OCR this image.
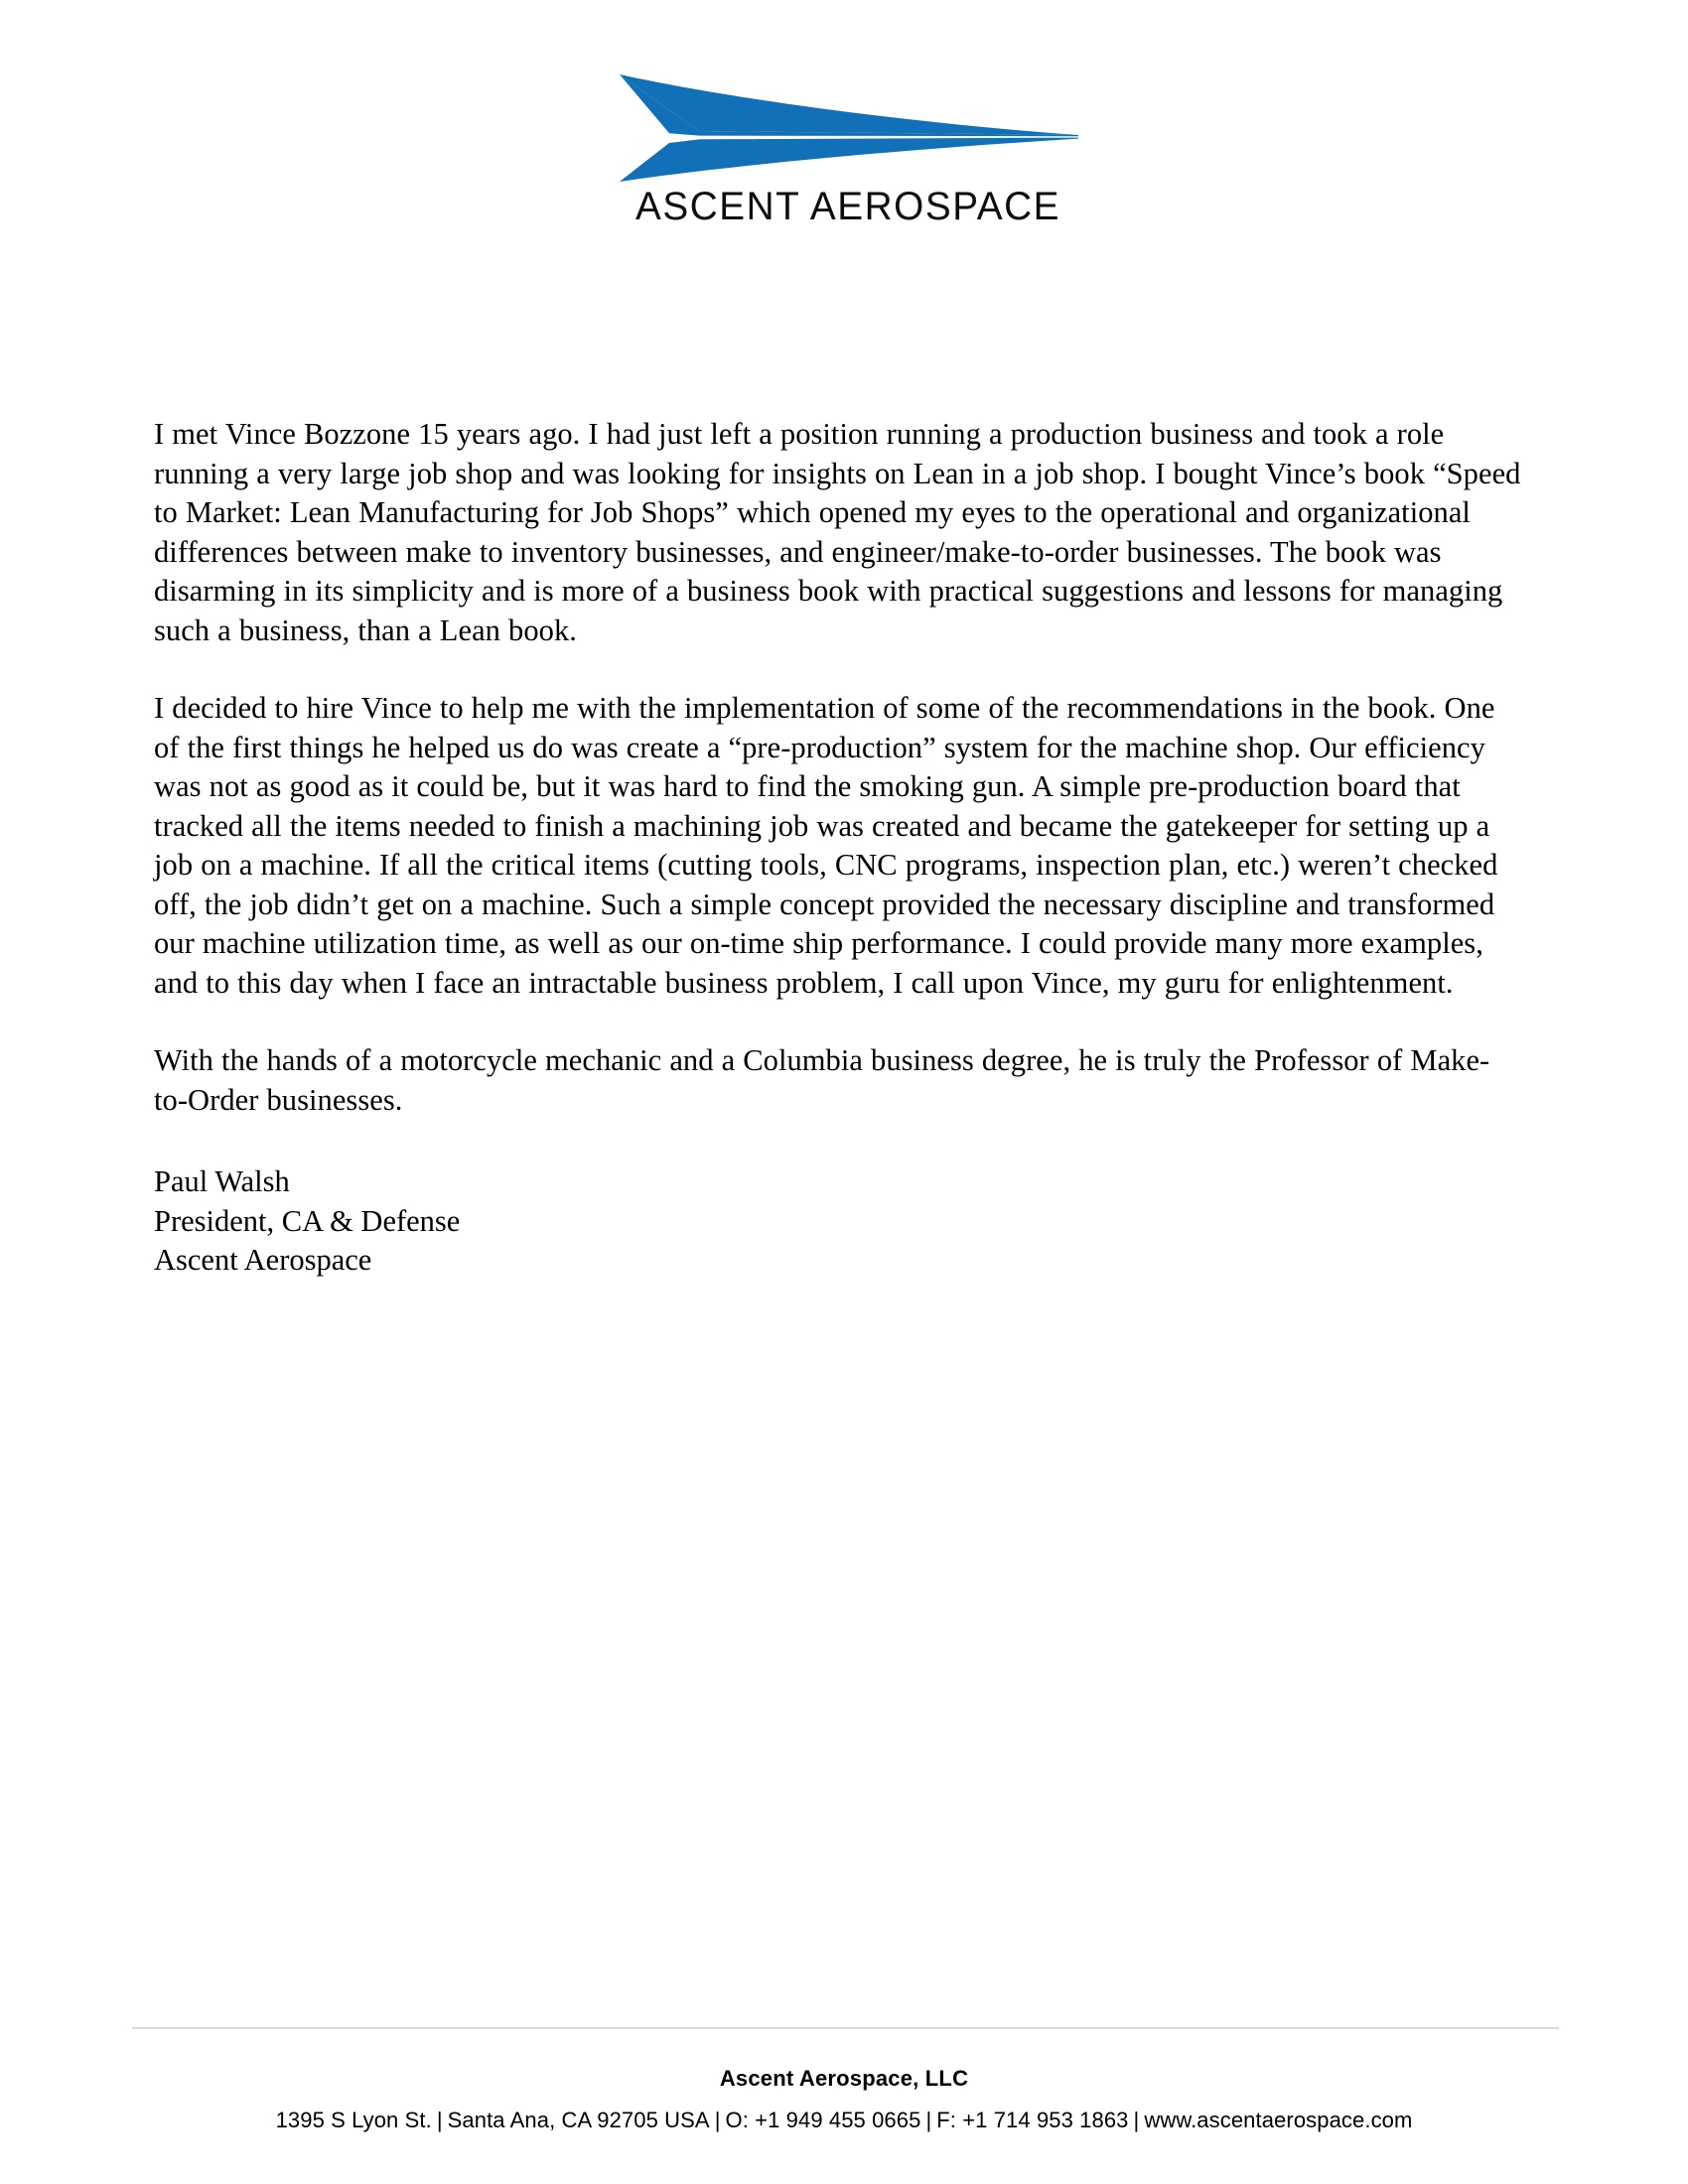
ASCENT AEROSPACE

I met Vince Bozzone 15 years ago. I had just left a position running a production business and took a role running a very large job shop and was looking for insights on Lean in a job shop. I bought Vince’s book “Speed to Market: Lean Manufacturing for Job Shops” which opened my eyes to the operational and organizational differences between make to inventory businesses, and engineer/make-to-order businesses. The book was disarming in its simplicity and is more of a business book with practical suggestions and lessons for managing such a business, than a Lean book.

I decided to hire Vince to help me with the implementation of some of the recommendations in the book. One of the first things he helped us do was create a “pre-production” system for the machine shop. Our efficiency was not as good as it could be, but it was hard to find the smoking gun. A simple pre-production board that tracked all the items needed to finish a machining job was created and became the gatekeeper for setting up a job on a machine. If all the critical items (cutting tools, CNC programs, inspection plan, etc.) weren’t checked off, the job didn’t get on a machine. Such a simple concept provided the necessary discipline and transformed our machine utilization time, as well as our on-time ship performance. I could provide many more examples, and to this day when I face an intractable business problem, I call upon Vince, my guru for enlightenment.

With the hands of a motorcycle mechanic and a Columbia business degree, he is truly the Professor of Make-to-Order businesses.

Paul Walsh

President, CA & Defense

Ascent Aerospace

Ascent Aerospace, LLC

1395 S Lyon St. | Santa Ana, CA 92705 USA | O: +1 949 455 0665 | F: +1 714 953 1863 | www.ascentaerospace.com
